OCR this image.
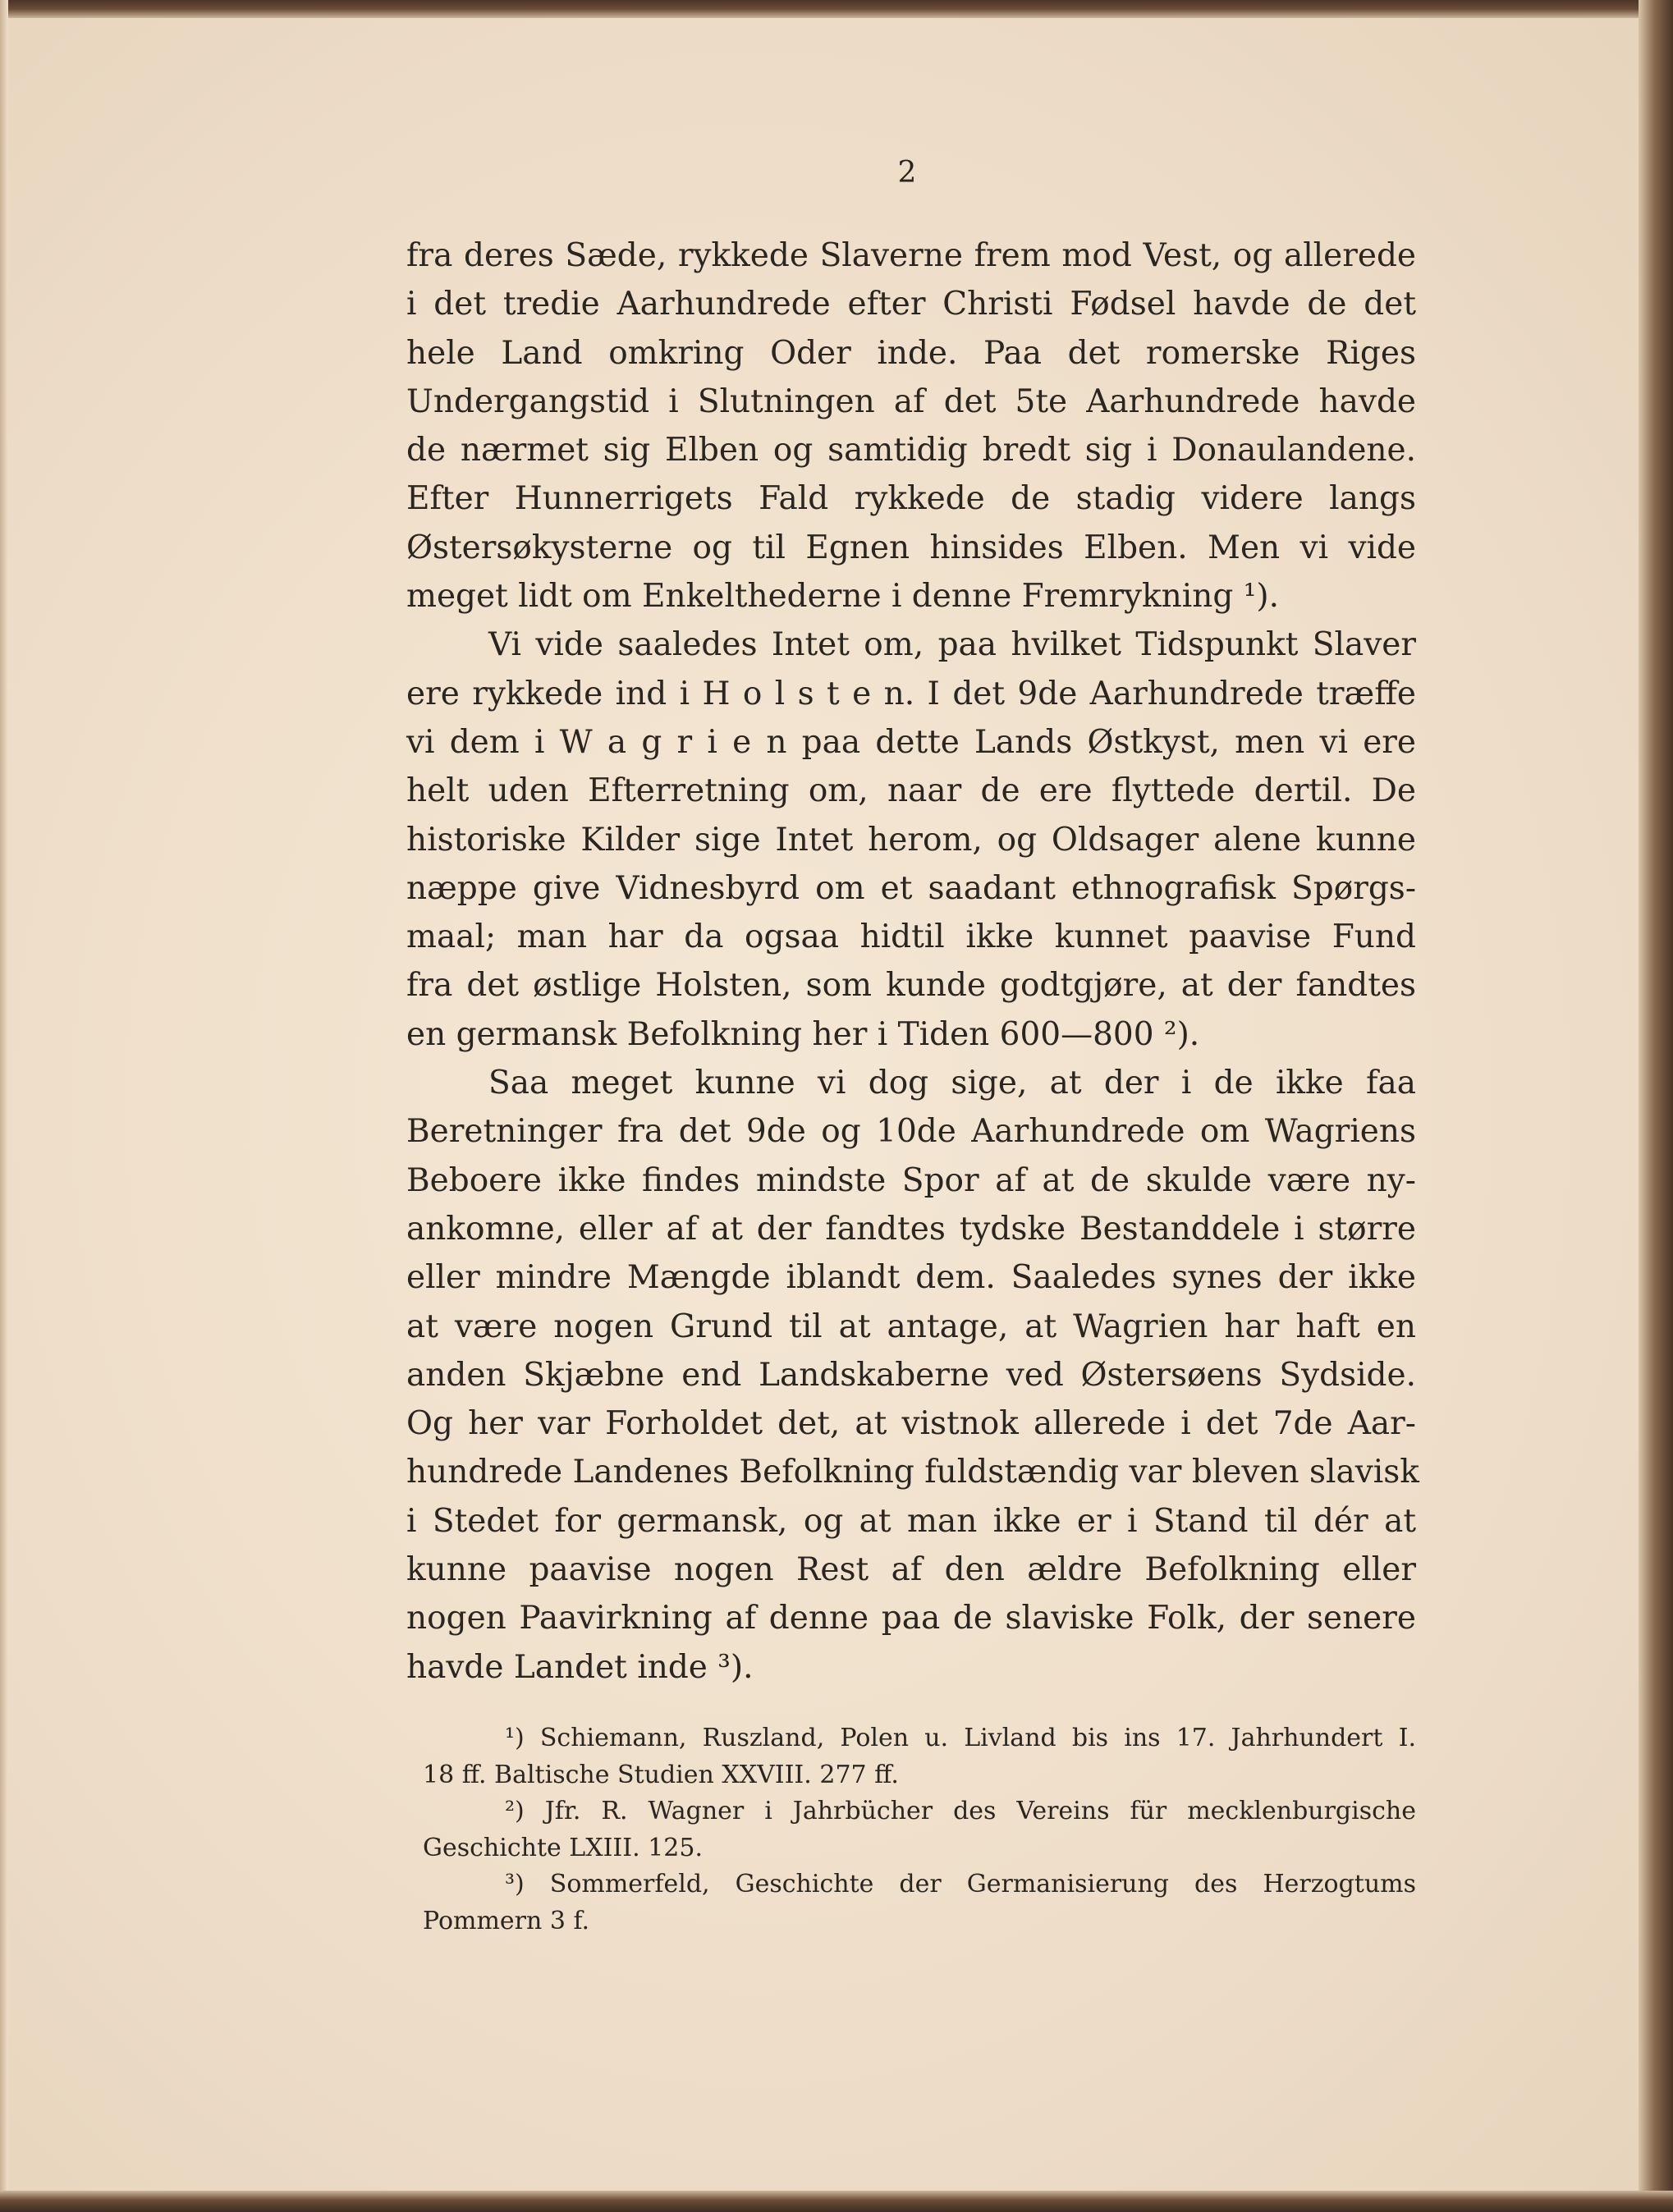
2
fra deres Sæde, rykkede Slaverne frem mod Vest, og allerede
i det tredie Aarhundrede efter Christi Fødsel havde de det
hele Land omkring Oder inde. Paa det romerske Riges
Undergangstid i Slutningen af det 5te Aarhundrede havde
de nærmet sig Elben og samtidig bredt sig i Donaulandene.
Efter Hunnerrigets Fald rykkede de stadig videre langs
Østersøkysterne og til Egnen hinsides Elben. Men vi vide
meget lidt om Enkelthederne i denne Fremrykning ¹).
Vi vide saaledes Intet om, paa hvilket Tidspunkt Slaver
ere rykkede ind i H o l s t e n. I det 9de Aarhundrede træffe
vi dem i W a g r i e n paa dette Lands Østkyst, men vi ere
helt uden Efterretning om, naar de ere flyttede dertil. De
historiske Kilder sige Intet herom, og Oldsager alene kunne
næppe give Vidnesbyrd om et saadant ethnografisk Spørgs-
maal; man har da ogsaa hidtil ikke kunnet paavise Fund
fra det østlige Holsten, som kunde godtgjøre, at der fandtes
en germansk Befolkning her i Tiden 600—800 ²).
Saa meget kunne vi dog sige, at der i de ikke faa
Beretninger fra det 9de og 10de Aarhundrede om Wagriens
Beboere ikke findes mindste Spor af at de skulde være ny-
ankomne, eller af at der fandtes tydske Bestanddele i større
eller mindre Mængde iblandt dem. Saaledes synes der ikke
at være nogen Grund til at antage, at Wagrien har haft en
anden Skjæbne end Landskaberne ved Østersøens Sydside.
Og her var Forholdet det, at vistnok allerede i det 7de Aar-
hundrede Landenes Befolkning fuldstændig var bleven slavisk
i Stedet for germansk, og at man ikke er i Stand til dér at
kunne paavise nogen Rest af den ældre Befolkning eller
nogen Paavirkning af denne paa de slaviske Folk, der senere
havde Landet inde ³).
¹) Schiemann, Ruszland, Polen u. Livland bis ins 17. Jahrhundert I.
18 ff. Baltische Studien XXVIII. 277 ff.
²) Jfr. R. Wagner i Jahrbücher des Vereins für mecklenburgische
Geschichte LXIII. 125.
³) Sommerfeld, Geschichte der Germanisierung des Herzogtums
Pommern 3 f.
